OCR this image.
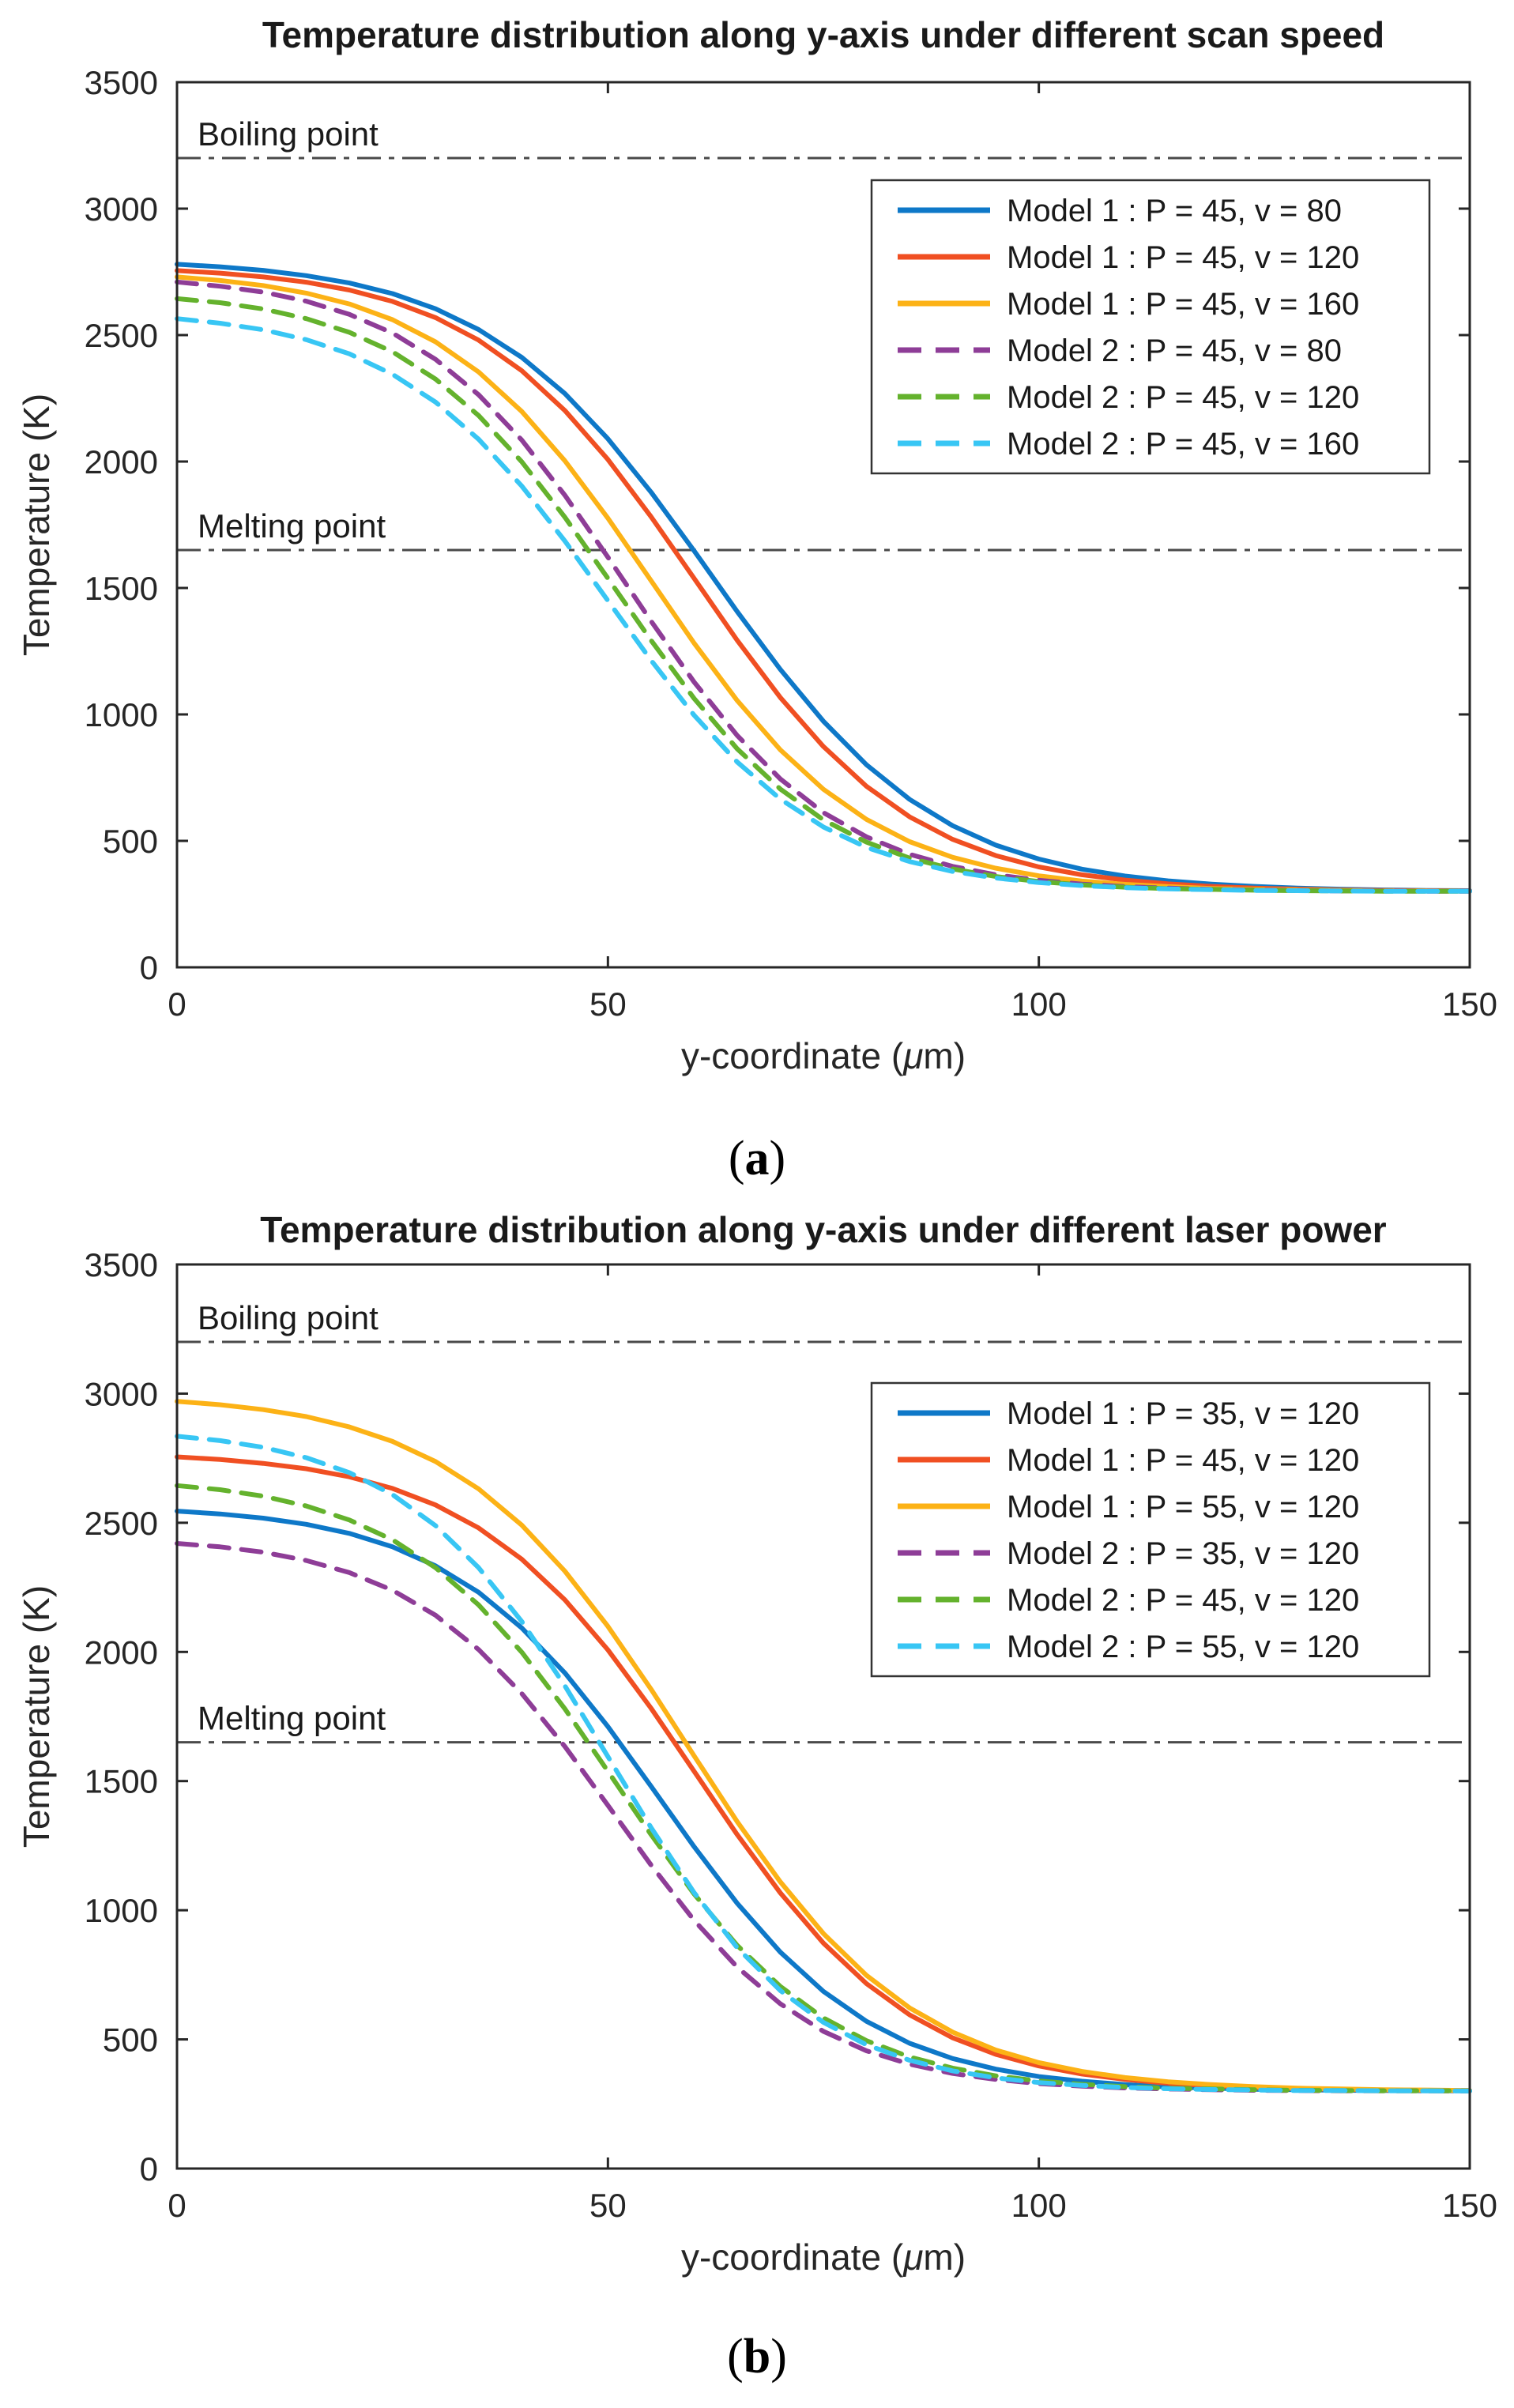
Temperature distribution along y-axis under different scan speed
Boiling point
Melting point
0	50	100	150
0
500
1000
1500
2000
2500
3000
3500
Temperature (K)
y-coordinate (μm)
Model 1 : P = 45, v = 80
Model 1 : P = 45, v = 120
Model 1 : P = 45, v = 160
Model 2 : P = 45, v = 80
Model 2 : P = 45, v = 120
Model 2 : P = 45, v = 160
(a)
Temperature distribution along y-axis under different laser power
Boiling point
Melting point
0	50	100	150
0
500
1000
1500
2000
2500
3000
3500
Temperature (K)
y-coordinate (μm)
Model 1 : P = 35, v = 120
Model 1 : P = 45, v = 120
Model 1 : P = 55, v = 120
Model 2 : P = 35, v = 120
Model 2 : P = 45, v = 120
Model 2 : P = 55, v = 120
(b)
